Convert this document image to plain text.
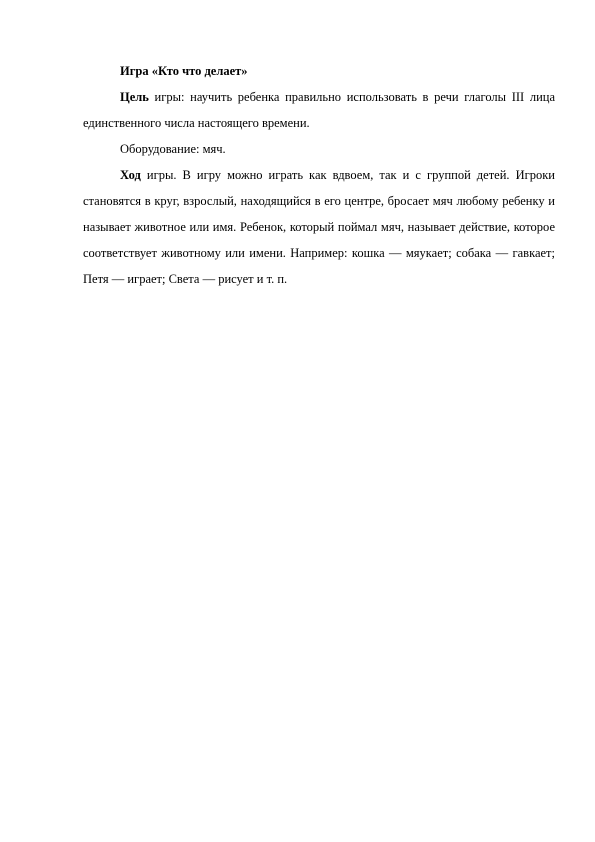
Игра «Кто что делает»

Цель игры: научить ребенка правильно использовать в речи глаголы III лица единственного числа настоящего времени.

Оборудование: мяч.

Ход игры. В игру можно играть как вдвоем, так и с группой детей. Игроки становятся в круг, взрослый, находящийся в его центре, бросает мяч любому ребенку и называет животное или имя. Ребенок, который поймал мяч, называет действие, которое соответствует животному или имени. Например: кошка — мяукает; собака — гавкает; Петя — играет; Света — рисует и т. п.
